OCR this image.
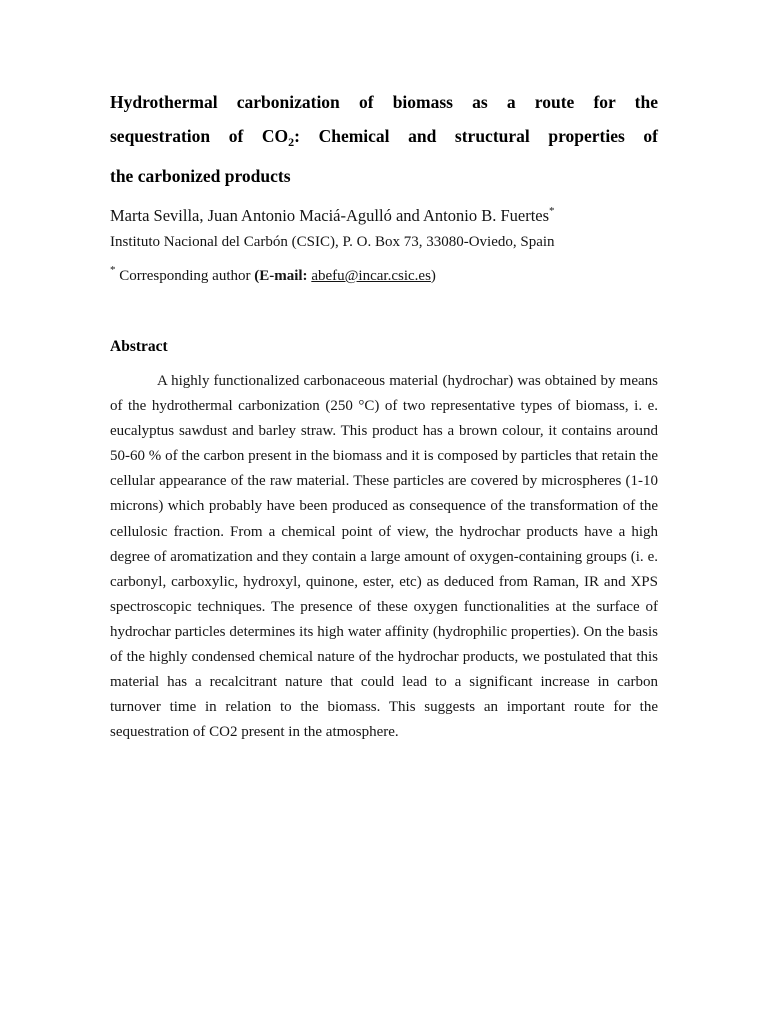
Hydrothermal carbonization of biomass as a route for the
sequestration of $CO_2$: Chemical and structural properties of
the carbonized products
Marta Sevilla, Juan Antonio Maciá-Agulló and Antonio B. Fuertes*
Instituto Nacional del Carbón (CSIC), P. O. Box 73, 33080-Oviedo, Spain
* Corresponding author (E-mail: abefu@incar.csic.es)
Abstract

A highly functionalized carbonaceous material (hydrochar) was obtained by means of the hydrothermal carbonization (250 °C) of two representative types of biomass, i. e. eucalyptus sawdust and barley straw. This product has a brown colour, it contains around 50-60 % of the carbon present in the biomass and it is composed by particles that retain the cellular appearance of the raw material. These particles are covered by microspheres (1-10 microns) which probably have been produced as consequence of the transformation of the cellulosic fraction. From a chemical point of view, the hydrochar products have a high degree of aromatization and they contain a large amount of oxygen-containing groups (i. e. carbonyl, carboxylic, hydroxyl, quinone, ester, etc) as deduced from Raman, IR and XPS spectroscopic techniques. The presence of these oxygen functionalities at the surface of hydrochar particles determines its high water affinity (hydrophilic properties). On the basis of the highly condensed chemical nature of the hydrochar products, we postulated that this material has a recalcitrant nature that could lead to a significant increase in carbon turnover time in relation to the biomass. This suggests an important route for the sequestration of CO2 present in the atmosphere.
